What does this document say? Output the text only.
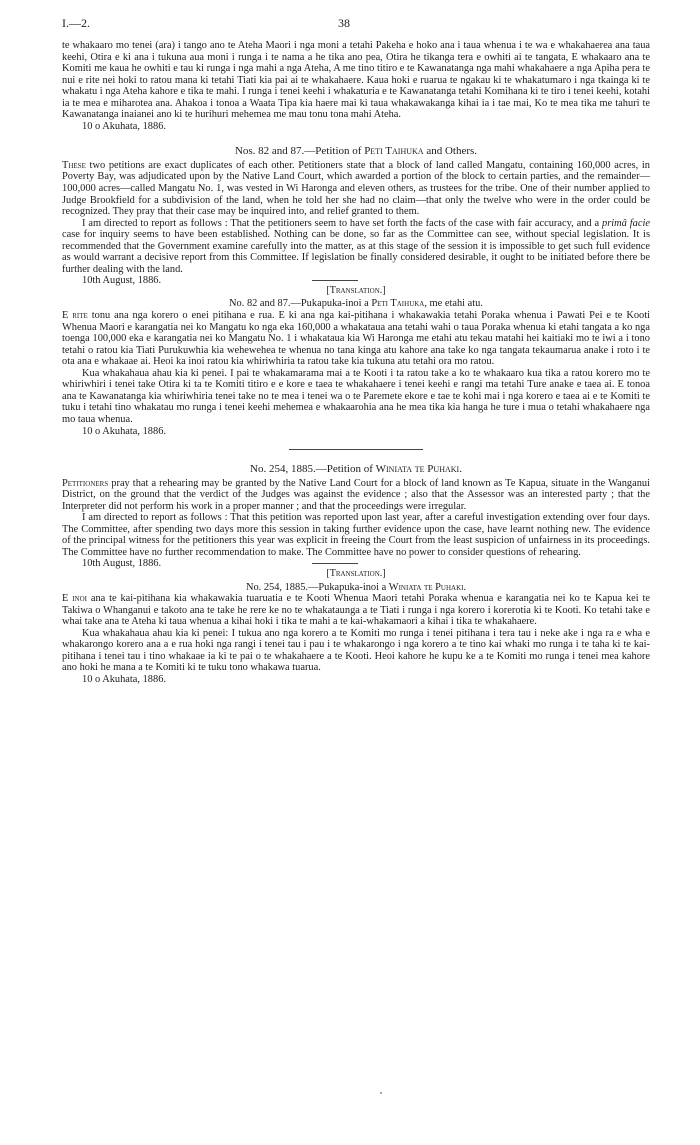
I.—2.	38

te whakaaro mo tenei (ara) i tango ano te Ateha Maori i nga moni a tetahi Pakeha e hoko ana i taua whenua i te wa e whakahaerea ana taua keehi, Otira e ki ana i tukuna aua moni i runga i te nama a he tika ano pea, Otira he tikanga tera e owhiti ai te tangata, E whakaaro ana te Komiti me kaua he owhiti e tau ki runga i nga mahi a nga Ateha, A me tino titiro e te Kawanatanga nga mahi whakahaere a nga Apiha pera te nui e rite nei hoki to ratou mana ki tetahi Tiati kia pai ai te whakahaere. Kaua hoki e ruarua te ngakau ki te whakatumaro i nga tkainga ki te whakatu i nga Ateha kahore e tika te mahi. I runga i tenei keehi i whakaturia e te Kawanatanga tetahi Komihana ki te tiro i tenei keehi, kotahi ia te mea e miharotea ana. Ahakoa i tonoa a Waata Tipa kia haere mai ki taua whakawakanga kihai ia i tae mai, Ko te mea tika me tahuri te Kawanatanga inaianei ano ki te hurihuri mehemea me mau tonu tona mahi Ateha.

10 o Akuhata, 1886.

Nos. 82 and 87.—Petition of Peti Taihuka and Others.

These two petitions are exact duplicates of each other. Petitioners state that a block of land called Mangatu, containing 160,000 acres, in Poverty Bay, was adjudicated upon by the Native Land Court, which awarded a portion of the block to certain parties, and the remainder—100,000 acres—called Mangatu No. 1, was vested in Wi Haronga and eleven others, as trustees for the tribe. One of their number applied to Judge Brookfield for a subdivision of the land, when he told her she had no claim—that only the twelve who were in the order could be recognized. They pray that their case may be inquired into, and relief granted to them.

I am directed to report as follows : That the petitioners seem to have set forth the facts of the case with fair accuracy, and a primâ facie case for inquiry seems to have been established. Nothing can be done, so far as the Committee can see, without special legislation. It is recommended that the Government examine carefully into the matter, as at this stage of the session it is impossible to get such full evidence as would warrant a decisive report from this Committee. If legislation be finally considered desirable, it ought to be initiated before there be further dealing with the land.

10th August, 1886.

[Translation.]

No. 82 and 87.—Pukapuka-inoi a Peti Taihuka, me etahi atu.

E rite tonu ana nga korero o enei pitihana e rua. E ki ana nga kai-pitihana i whakawakia tetahi Poraka whenua i Pawati Pei e te Kooti Whenua Maori e karangatia nei ko Mangatu ko nga eka 160,000 a whakataua ana tetahi wahi o taua Poraka whenua ki etahi tangata a ko nga toenga 100,000 eka e karangatia nei ko Mangatu No. 1 i whakataua kia Wi Haronga me etahi atu tekau matahi hei kaitiaki mo te iwi a i tono tetahi o ratou kia Tiati Purukuwhia kia wehewehea te whenua no tana kinga atu kahore ana take ko nga tangata tekaumarua anake i roto i te ota ana e whakaae ai. Heoi ka inoi ratou kia whiriwhiria ta ratou take kia tukuna atu tetahi ora mo ratou.

Kua whakahaua ahau kia ki penei. I pai te whakamarama mai a te Kooti i ta ratou take a ko te whakaaro kua tika a ratou korero mo te whiriwhiri i tenei take Otira ki ta te Komiti titiro e e kore e taea te whakahaere i tenei keehi e rangi ma tetahi Ture anake e taea ai. E tonoa ana te Kawanatanga kia whiriwhiria tenei take no te mea i tenei wa o te Paremete ekore e tae te kohi mai i nga korero e taea ai e te Komiti te tuku i tetahi tino whakatau mo runga i tenei keehi mehemea e whakaarohia ana he mea tika kia hanga he ture i mua o tetahi whakahaere nga mo taua whenua.

10 o Akuhata, 1886.

No. 254, 1885.—Petition of Winiata te Puhaki.

Petitioners pray that a rehearing may be granted by the Native Land Court for a block of land known as Te Kapua, situate in the Wanganui District, on the ground that the verdict of the Judges was against the evidence ; also that the Assessor was an interested party ; that the Interpreter did not perform his work in a proper manner ; and that the proceedings were irregular.

I am directed to report as follows : That this petition was reported upon last year, after a careful investigation extending over four days. The Committee, after spending two days more this session in taking further evidence upon the case, have learnt nothing new. The evidence of the principal witness for the petitioners this year was explicit in freeing the Court from the least suspicion of unfairness in its proceedings. The Committee have no further recommendation to make. The Committee have no power to consider questions of rehearing.

10th August, 1886.

[Translation.]

No. 254, 1885.—Pukapuka-inoi a Winiata te Puhaki.

E inoi ana te kai-pitihana kia whakawakia tuaruatia e te Kooti Whenua Maori tetahi Poraka whenua e karangatia nei ko te Kapua kei te Takiwa o Whanganui e takoto ana te take he rere ke no te whakataunga a te Tiati i runga i nga korero i korerotia ki te Kooti. Ko tetahi take e whai take ana te Ateha ki taua whenua a kihai hoki i tika te mahi a te kai-whakamaori a kihai i tika te whakahaere.

Kua whakahaua ahau kia ki penei: I tukua ano nga korero a te Komiti mo runga i tenei pitihana i tera tau i neke ake i nga ra e wha e whakarongo korero ana a e rua hoki nga rangi i tenei tau i pau i te whakarongo i nga korero a te tino kai whaki mo runga i te taha ki te kai-pitihana i tenei tau i tino whakaae ia ki te pai o te whakahaere a te Kooti. Heoi kahore he kupu ke a te Komiti mo runga i tenei mea kahore ano hoki he mana a te Komiti ki te tuku tono whakawa tuarua.

10 o Akuhata, 1886.
